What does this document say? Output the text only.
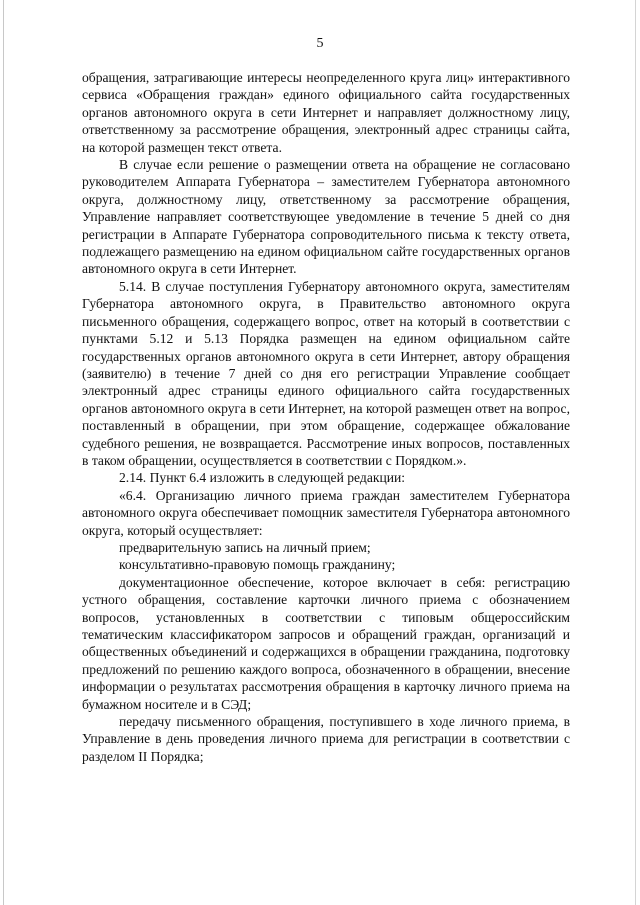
5

обращения, затрагивающие интересы неопределенного круга лиц» интерактивного сервиса «Обращения граждан» единого официального сайта государственных органов автономного округа в сети Интернет и направляет должностному лицу, ответственному за рассмотрение обращения, электронный адрес страницы сайта, на которой размещен текст ответа.

В случае если решение о размещении ответа на обращение не согласовано руководителем Аппарата Губернатора – заместителем Губернатора автономного округа, должностному лицу, ответственному за рассмотрение обращения, Управление направляет соответствующее уведомление в течение 5 дней со дня регистрации в Аппарате Губернатора сопроводительного письма к тексту ответа, подлежащего размещению на едином официальном сайте государственных органов автономного округа в сети Интернет.

5.14. В случае поступления Губернатору автономного округа, заместителям Губернатора автономного округа, в Правительство автономного округа письменного обращения, содержащего вопрос, ответ на который в соответствии с пунктами 5.12 и 5.13 Порядка размещен на едином официальном сайте государственных органов автономного округа в сети Интернет, автору обращения (заявителю) в течение 7 дней со дня его регистрации Управление сообщает электронный адрес страницы единого официального сайта государственных органов автономного округа в сети Интернет, на которой размещен ответ на вопрос, поставленный в обращении, при этом обращение, содержащее обжалование судебного решения, не возвращается. Рассмотрение иных вопросов, поставленных в таком обращении, осуществляется в соответствии с Порядком.».

2.14. Пункт 6.4 изложить в следующей редакции:

«6.4. Организацию личного приема граждан заместителем Губернатора автономного округа обеспечивает помощник заместителя Губернатора автономного округа, который осуществляет:

предварительную запись на личный прием;

консультативно-правовую помощь гражданину;

документационное обеспечение, которое включает в себя: регистрацию устного обращения, составление карточки личного приема с обозначением вопросов, установленных в соответствии с типовым общероссийским тематическим классификатором запросов и обращений граждан, организаций и общественных объединений и содержащихся в обращении гражданина, подготовку предложений по решению каждого вопроса, обозначенного в обращении, внесение информации о результатах рассмотрения обращения в карточку личного приема на бумажном носителе и в СЭД;

передачу письменного обращения, поступившего в ходе личного приема, в Управление в день проведения личного приема для регистрации в соответствии с разделом II Порядка;
